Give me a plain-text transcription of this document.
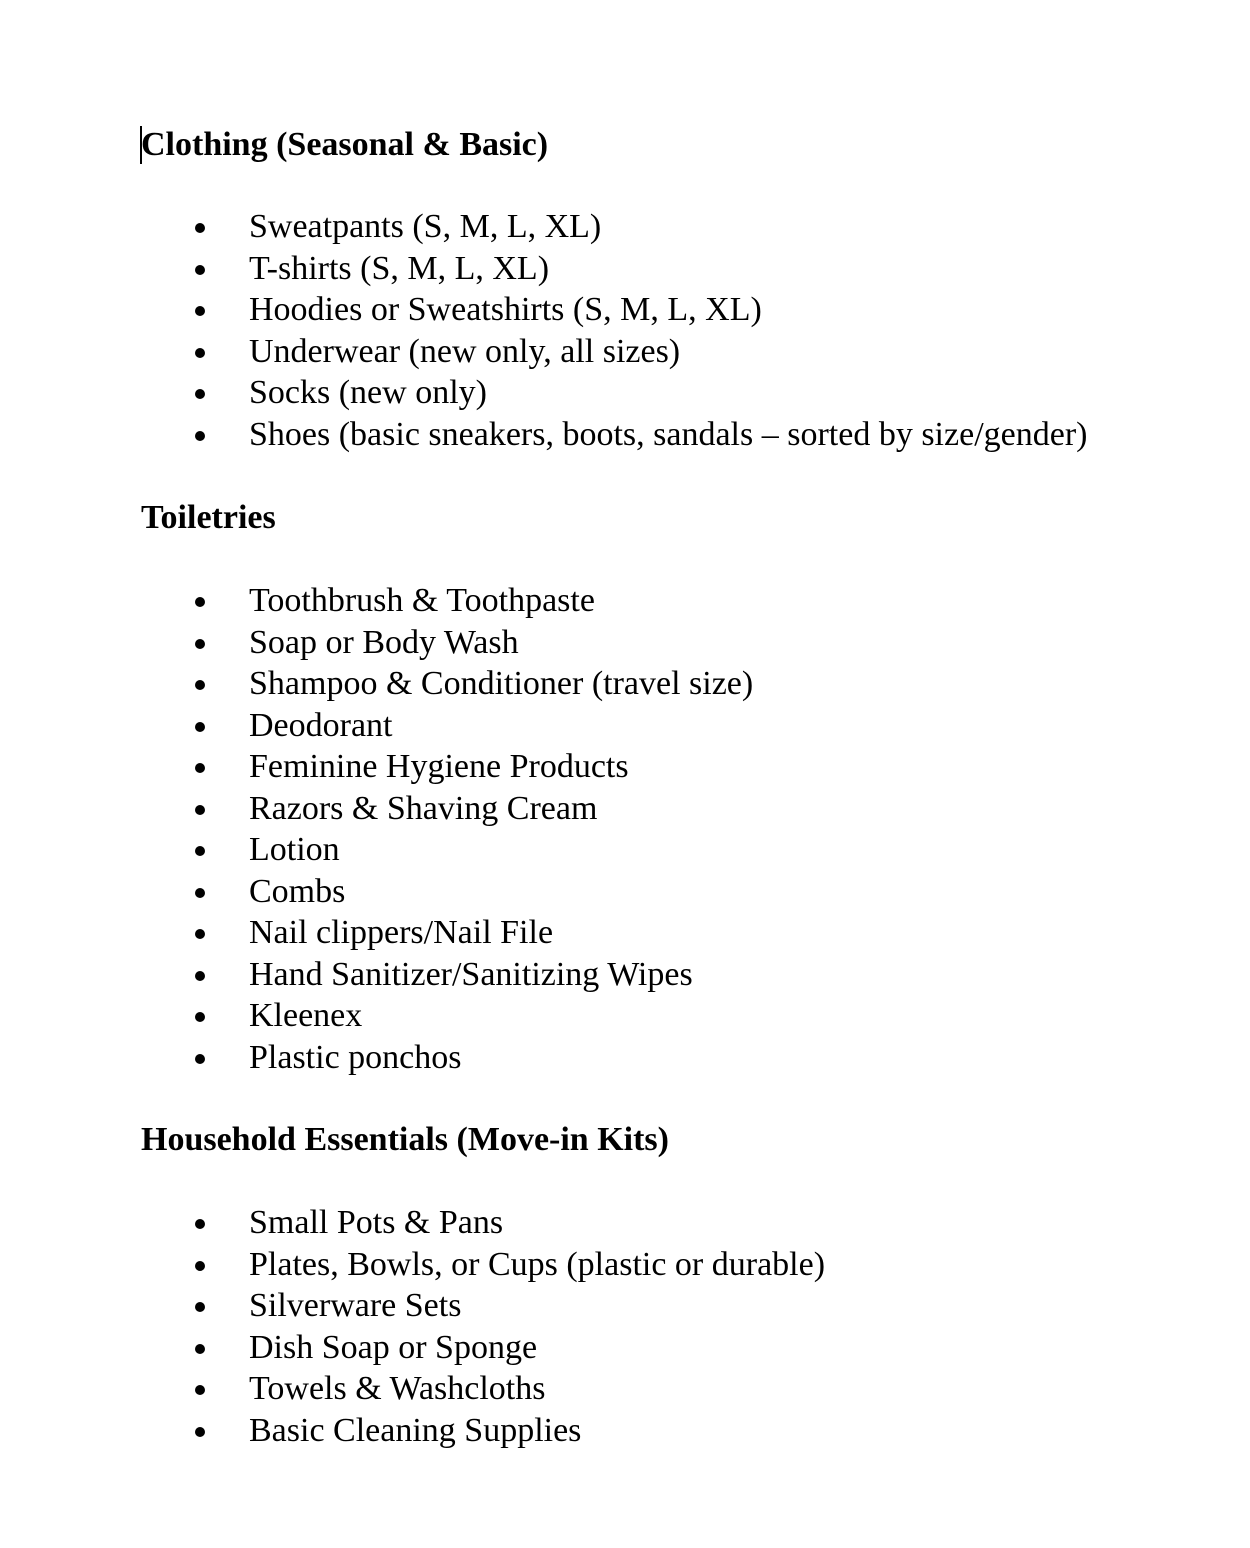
Clothing (Seasonal & Basic)
Sweatpants (S, M, L, XL)
T-shirts (S, M, L, XL)
Hoodies or Sweatshirts (S, M, L, XL)
Underwear (new only, all sizes)
Socks (new only)
Shoes (basic sneakers, boots, sandals – sorted by size/gender)
Toiletries
Toothbrush & Toothpaste
Soap or Body Wash
Shampoo & Conditioner (travel size)
Deodorant
Feminine Hygiene Products
Razors & Shaving Cream
Lotion
Combs
Nail clippers/Nail File
Hand Sanitizer/Sanitizing Wipes
Kleenex
Plastic ponchos
Household Essentials (Move-in Kits)
Small Pots & Pans
Plates, Bowls, or Cups (plastic or durable)
Silverware Sets
Dish Soap or Sponge
Towels & Washcloths
Basic Cleaning Supplies
